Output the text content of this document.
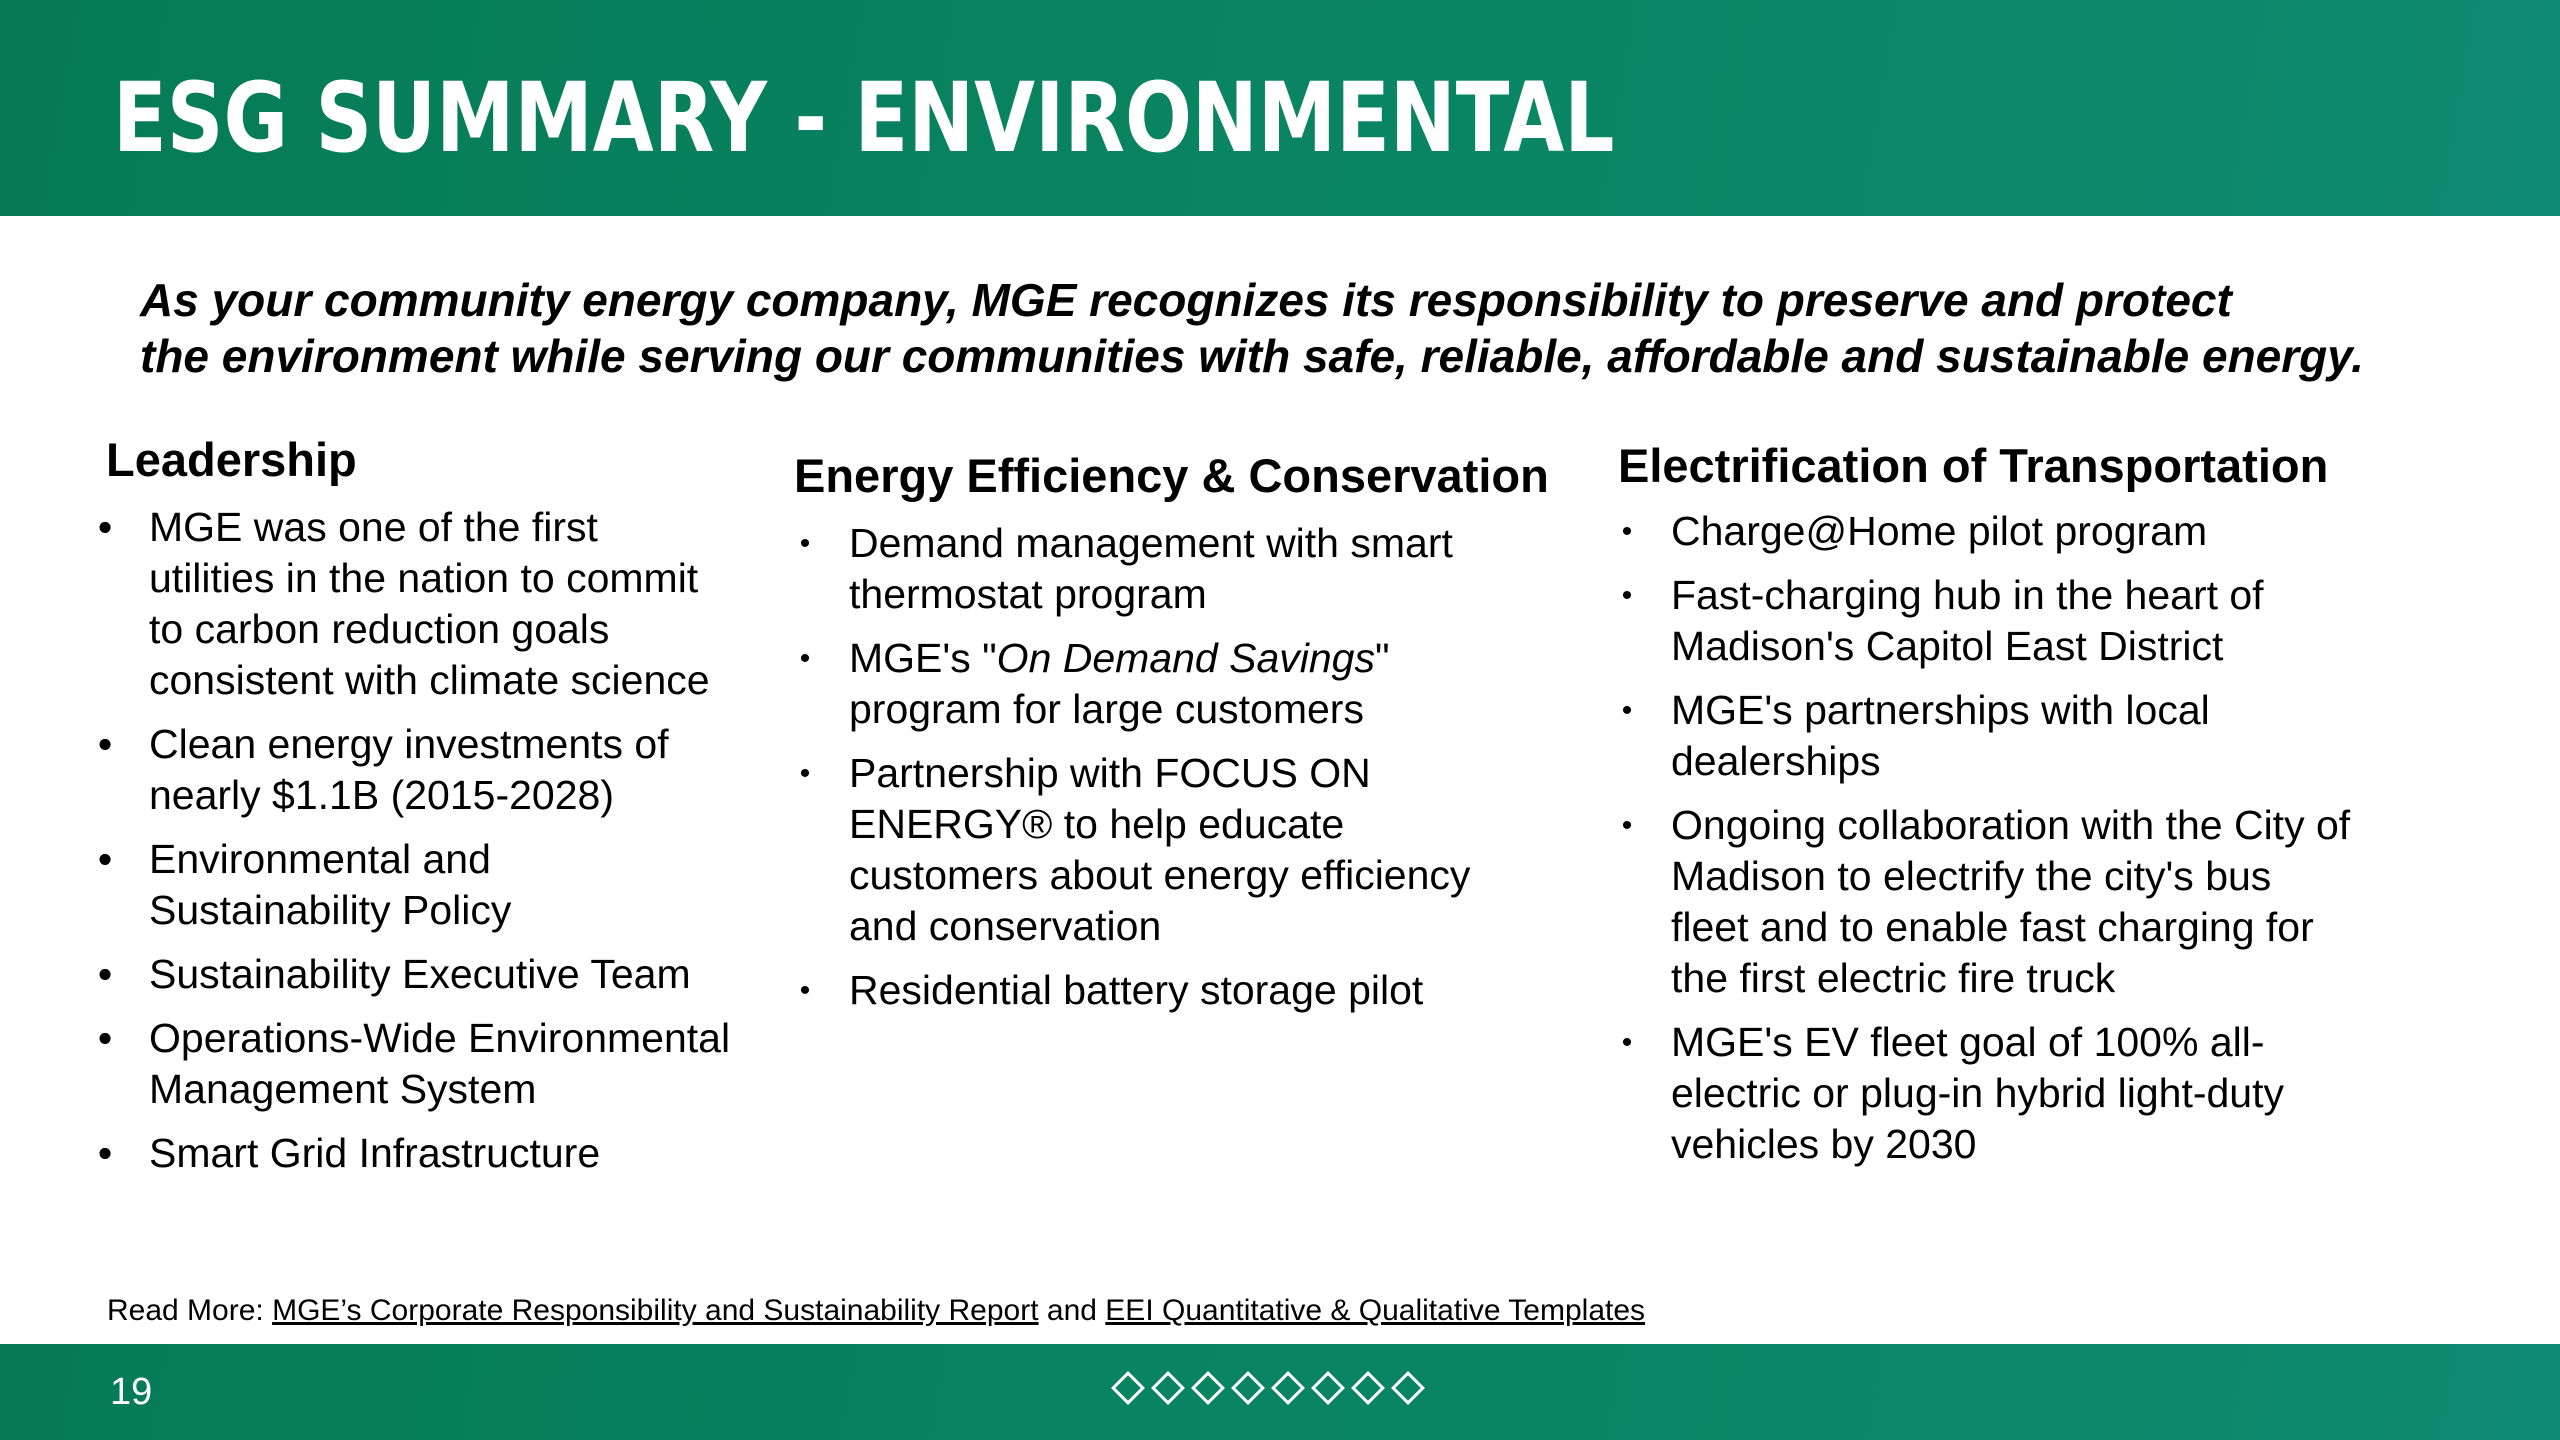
ESG SUMMARY - ENVIRONMENTAL

As your community energy company, MGE recognizes its responsibility to preserve and protect
the environment while serving our communities with safe, reliable, affordable and sustainable energy.

Leadership
• MGE was one of the first
utilities in the nation to commit
to carbon reduction goals
consistent with climate science
• Clean energy investments of
nearly $1.1B (2015-2028)
• Environmental and
Sustainability Policy
• Sustainability Executive Team
• Operations-Wide Environmental
Management System
• Smart Grid Infrastructure
Energy Efficiency & Conservation
• Demand management with smart
thermostat program
• MGE's "On Demand Savings"
program for large customers
• Partnership with FOCUS ON
ENERGY® to help educate
customers about energy efficiency
and conservation
• Residential battery storage pilot
Electrification of Transportation
• Charge@Home pilot program
• Fast-charging hub in the heart of
Madison's Capitol East District
• MGE's partnerships with local
dealerships
• Ongoing collaboration with the City of
Madison to electrify the city's bus
fleet and to enable fast charging for
the first electric fire truck
• MGE's EV fleet goal of 100% all-
electric or plug-in hybrid light-duty
vehicles by 2030
Read More: MGE’s Corporate Responsibility and Sustainability Report and EEI Quantitative & Qualitative Templates
19
